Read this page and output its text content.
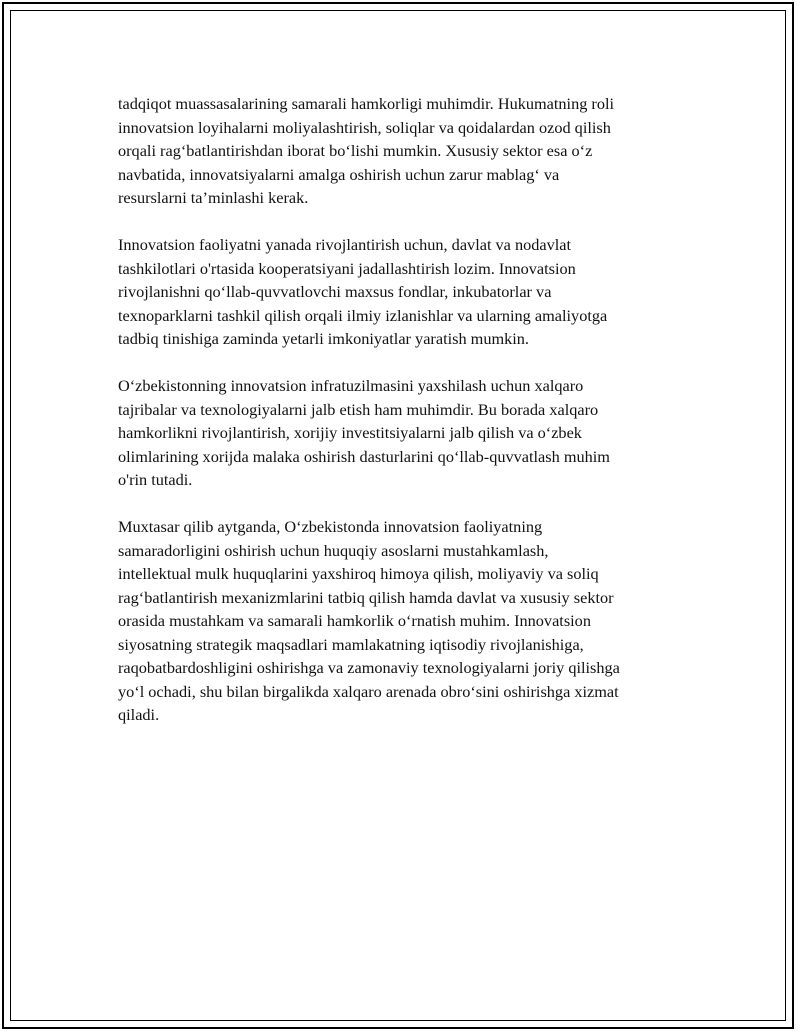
tadqiqot muassasalarining samarali hamkorligi muhimdir. Hukumatning roli
innovatsion loyihalarni moliyalashtirish, soliqlar va qoidalardan ozod qilish
orqali rag‘batlantirishdan iborat bo‘lishi mumkin. Xususiy sektor esa o‘z
navbatida, innovatsiyalarni amalga oshirish uchun zarur mablag‘ va
resurslarni ta’minlashi kerak.

Innovatsion faoliyatni yanada rivojlantirish uchun, davlat va nodavlat
tashkilotlari o'rtasida kooperatsiyani jadallashtirish lozim. Innovatsion
rivojlanishni qo‘llab-quvvatlovchi maxsus fondlar, inkubatorlar va
texnoparklarni tashkil qilish orqali ilmiy izlanishlar va ularning amaliyotga
tadbiq tinishiga zaminda yetarli imkoniyatlar yaratish mumkin.

O‘zbekistonning innovatsion infratuzilmasini yaxshilash uchun xalqaro
tajribalar va texnologiyalarni jalb etish ham muhimdir. Bu borada xalqaro
hamkorlikni rivojlantirish, xorijiy investitsiyalarni jalb qilish va o‘zbek
olimlarining xorijda malaka oshirish dasturlarini qo‘llab-quvvatlash muhim
o'rin tutadi.

Muxtasar qilib aytganda, O‘zbekistonda innovatsion faoliyatning
samaradorligini oshirish uchun huquqiy asoslarni mustahkamlash,
intellektual mulk huquqlarini yaxshiroq himoya qilish, moliyaviy va soliq
rag‘batlantirish mexanizmlarini tatbiq qilish hamda davlat va xususiy sektor
orasida mustahkam va samarali hamkorlik o‘rnatish muhim. Innovatsion
siyosatning strategik maqsadlari mamlakatning iqtisodiy rivojlanishiga,
raqobatbardoshligini oshirishga va zamonaviy texnologiyalarni joriy qilishga
yo‘l ochadi, shu bilan birgalikda xalqaro arenada obro‘sini oshirishga xizmat
qiladi.
